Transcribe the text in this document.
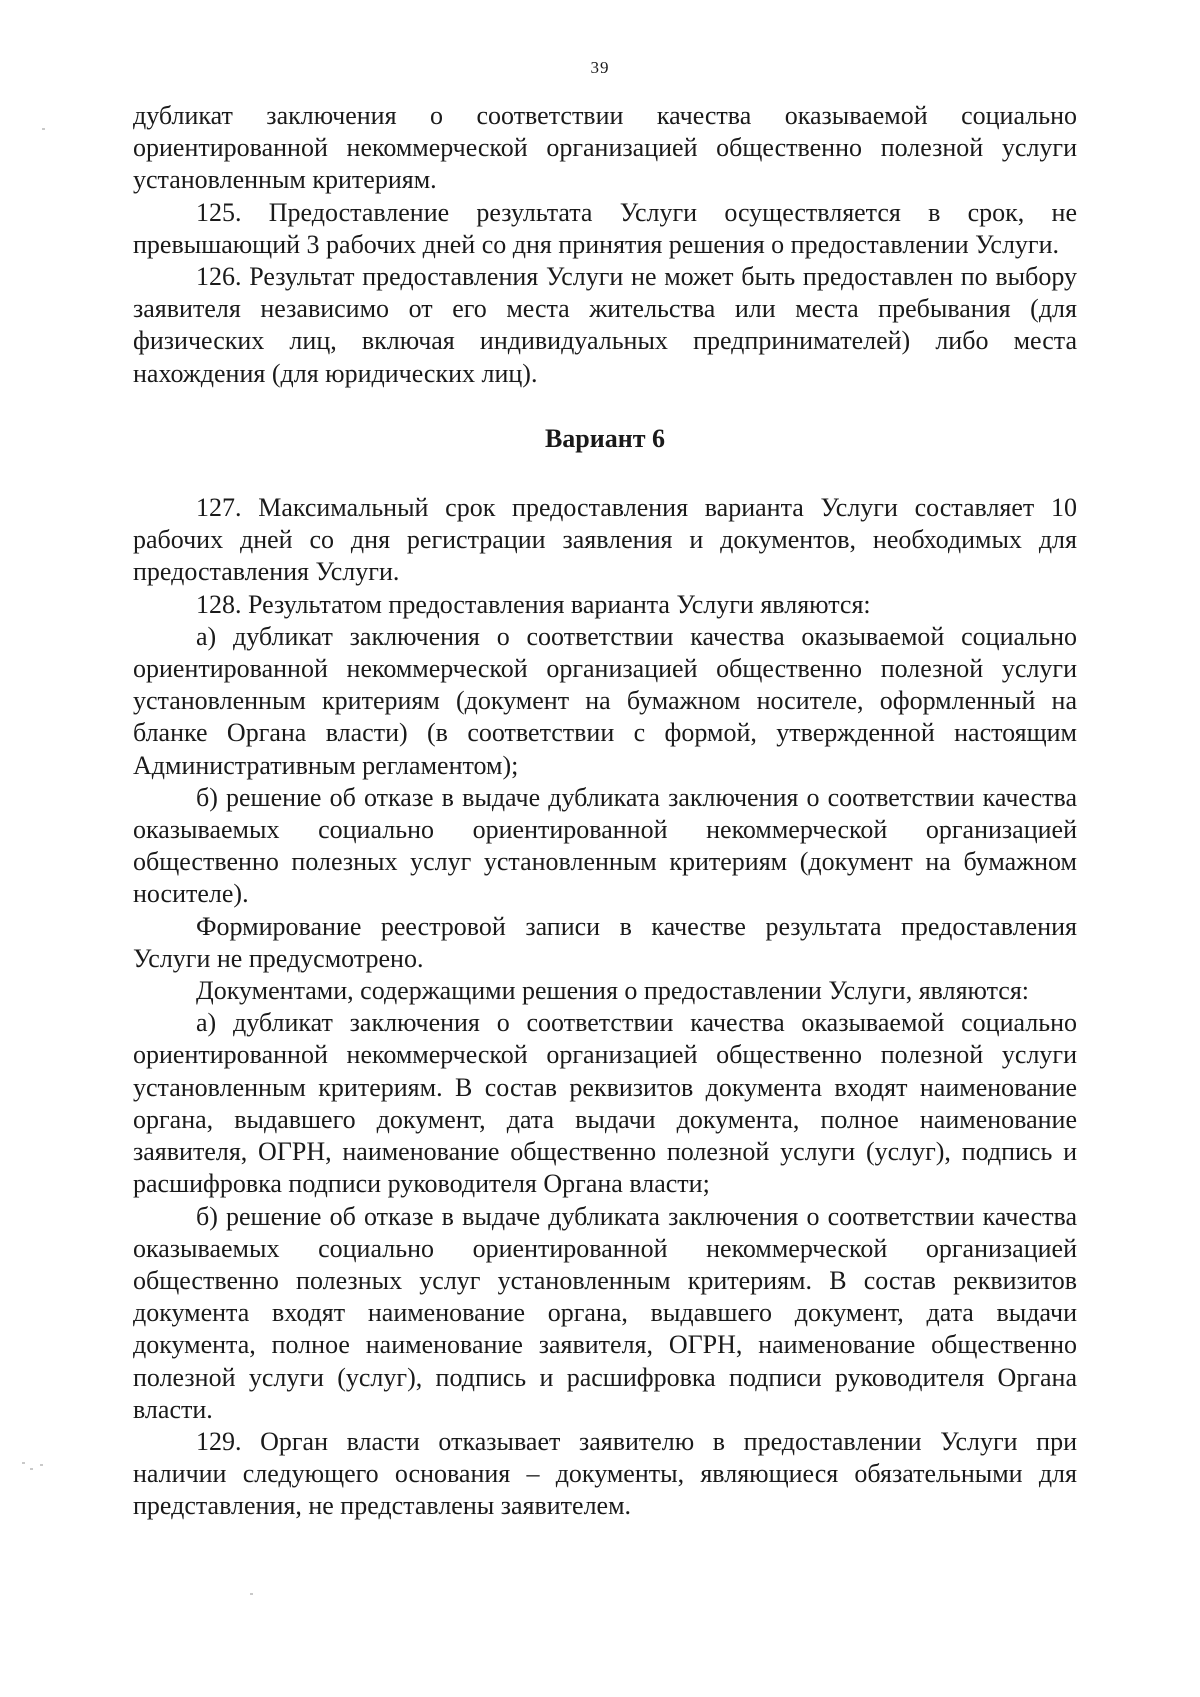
39

дубликат заключения о соответствии качества оказываемой социально ориентированной некоммерческой организацией общественно полезной услуги установленным критериям.

125. Предоставление результата Услуги осуществляется в срок, не превышающий 3 рабочих дней со дня принятия решения о предоставлении Услуги.

126. Результат предоставления Услуги не может быть предоставлен по выбору заявителя независимо от его места жительства или места пребывания (для физических лиц, включая индивидуальных предпринимателей) либо места нахождения (для юридических лиц).

Вариант 6

127. Максимальный срок предоставления варианта Услуги составляет 10 рабочих дней со дня регистрации заявления и документов, необходимых для предоставления Услуги.

128. Результатом предоставления варианта Услуги являются:

а) дубликат заключения о соответствии качества оказываемой социально ориентированной некоммерческой организацией общественно полезной услуги установленным критериям (документ на бумажном носителе, оформленный на бланке Органа власти) (в соответствии с формой, утвержденной настоящим Административным регламентом);

б) решение об отказе в выдаче дубликата заключения о соответствии качества оказываемых социально ориентированной некоммерческой организацией общественно полезных услуг установленным критериям (документ на бумажном носителе).

Формирование реестровой записи в качестве результата предоставления Услуги не предусмотрено.

Документами, содержащими решения о предоставлении Услуги, являются:

а) дубликат заключения о соответствии качества оказываемой социально ориентированной некоммерческой организацией общественно полезной услуги установленным критериям. В состав реквизитов документа входят наименование органа, выдавшего документ, дата выдачи документа, полное наименование заявителя, ОГРН, наименование общественно полезной услуги (услуг), подпись и расшифровка подписи руководителя Органа власти;

б) решение об отказе в выдаче дубликата заключения о соответствии качества оказываемых социально ориентированной некоммерческой организацией общественно полезных услуг установленным критериям. В состав реквизитов документа входят наименование органа, выдавшего документ, дата выдачи документа, полное наименование заявителя, ОГРН, наименование общественно полезной услуги (услуг), подпись и расшифровка подписи руководителя Органа власти.

129. Орган власти отказывает заявителю в предоставлении Услуги при наличии следующего основания – документы, являющиеся обязательными для представления, не представлены заявителем.
